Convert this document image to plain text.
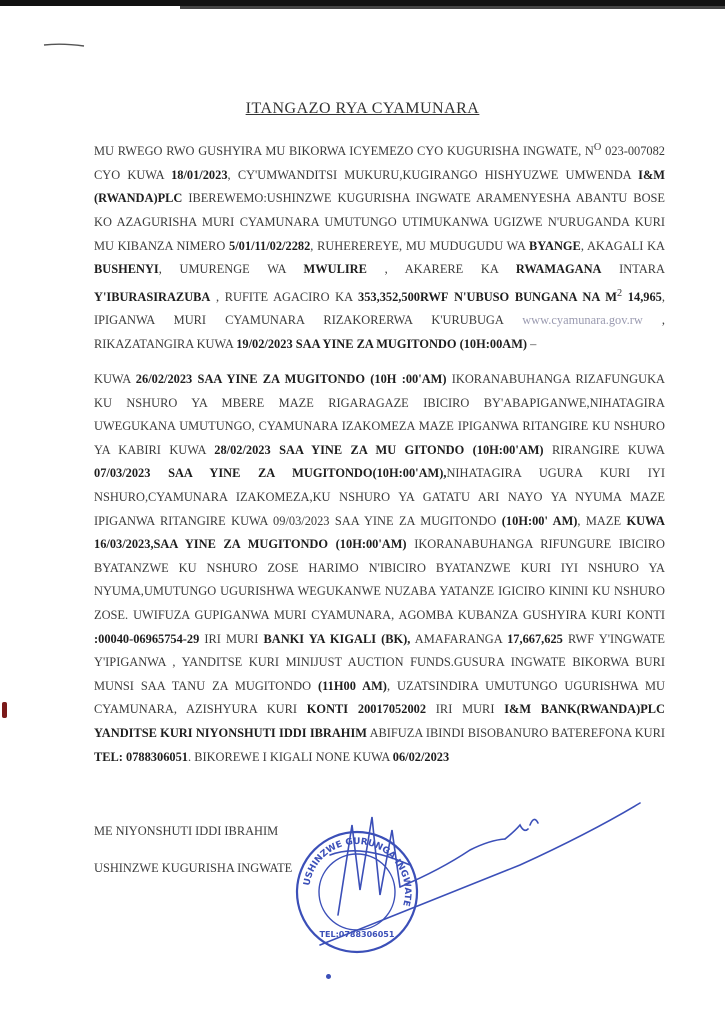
ITANGAZO RYA CYAMUNARA
MU RWEGO RWO GUSHYIRA MU BIKORWA ICYEMEZO CYO KUGURISHA INGWATE, $N^O$ 023-007082 CYO KUWA 18/01/2023, CY'UMWANDITSI MUKURU,KUGIRANGO HISHYUZWE UMWENDA I&M (RWANDA)PLC IBEREWEMO:USHINZWE KUGURISHA INGWATE ARAMENYESHA ABANTU BOSE KO AZAGURISHA MURI CYAMUNARA UMUTUNGO UTIMUKANWA UGIZWE N'URUGANDA KURI MU KIBANZA NIMERO 5/01/11/02/2282, RUHEREREYE, MU MUDUGUDU WA BYANGE, AKAGALI KA BUSHENYI, UMURENGE WA MWULIRE , AKARERE KA RWAMAGANA INTARA Y'IBURASIRAZUBA , RUFITE AGACIRO KA 353,352,500RWF N'UBUSO BUNGANA NA $M^2$ 14,965, IPIGANWA MURI CYAMUNARA RIZAKORERWA K'URUBUGA www.cyamunara.gov.rw , RIKAZATANGIRA KUWA 19/02/2023 SAA YINE ZA MUGITONDO (10H:00AM) –
KUWA 26/02/2023 SAA YINE ZA MUGITONDO (10H :00'AM) IKORANABUHANGA RIZAFUNGUKA KU NSHURO YA MBERE MAZE RIGARAGAZE IBICIRO BY'ABAPIGANWE,NIHATAGIRA UWEGUKANA UMUTUNGO, CYAMUNARA IZAKOMEZA MAZE IPIGANWA RITANGIRE KU NSHURO YA KABIRI KUWA 28/02/2023 SAA YINE ZA MU GITONDO (10H:00'AM) RIRANGIRE KUWA 07/03/2023 SAA YINE ZA MUGITONDO(10H:00'AM),NIHATAGIRA UGURA KURI IYI NSHURO,CYAMUNARA IZAKOMEZA,KU NSHURO YA GATATU ARI NAYO YA NYUMA MAZE IPIGANWA RITANGIRE KUWA 09/03/2023 SAA YINE ZA MUGITONDO (10H:00' AM), MAZE KUWA 16/03/2023,SAA YINE ZA MUGITONDO (10H:00'AM) IKORANABUHANGA RIFUNGURE IBICIRO BYATANZWE KU NSHURO ZOSE HARIMO N'IBICIRO BYATANZWE KURI IYI NSHURO YA NYUMA,UMUTUNGO UGURISHWA WEGUKANWE NUZABA YATANZE IGICIRO KININI KU NSHURO ZOSE. UWIFUZA GUPIGANWA MURI CYAMUNARA, AGOMBA KUBANZA GUSHYIRA KURI KONTI :00040-06965754-29 IRI MURI BANKI YA KIGALI (BK), AMAFARANGA 17,667,625 RWF Y'INGWATE Y'IPIGANWA , YANDITSE KURI MINIJUST AUCTION FUNDS.GUSURA INGWATE BIKORWA BURI MUNSI SAA TANU ZA MUGITONDO (11H00 AM), UZATSINDIRA UMUTUNGO UGURISHWA MU CYAMUNARA, AZISHYURA KURI KONTI 20017052002 IRI MURI I&M BANK(RWANDA)PLC YANDITSE KURI NIYONSHUTI IDDI IBRAHIM ABIFUZA IBINDI BISOBANURO BATEREFONA KURI TEL: 0788306051. BIKOREWE I KIGALI NONE KUWA 06/02/2023
ME NIYONSHUTI IDDI IBRAHIM
USHINZWE KUGURISHA INGWATE
USHINZWE GURUNGA INGWATE
TEL:0788306051
